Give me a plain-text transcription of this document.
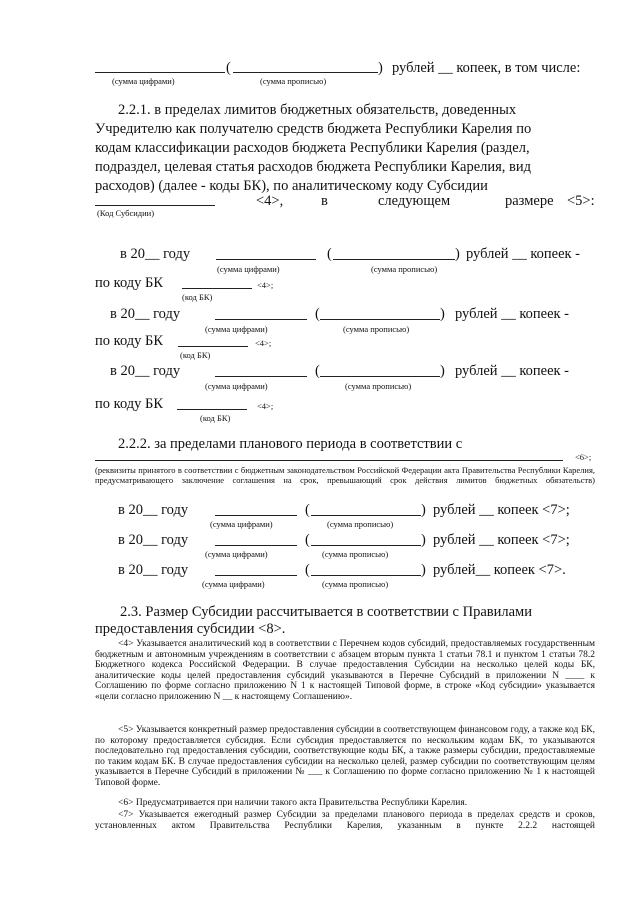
(	) рублей __ копеек, в том числе:
(сумма цифрами)	(сумма прописью)
2.2.1. в пределах лимитов бюджетных обязательств, доведенных
Учредителю как получателю средств бюджета Республики Карелия по
кодам классификации расходов бюджета Республики Карелия (раздел,
подраздел, целевая статья расходов бюджета Республики Карелия, вид
расходов) (далее - коды БК), по аналитическому коду Субсидии
<4>,	в	следующем	размере <5>:
(Код Субсидии)
в 20__ году	(	) рублей __ копеек -
(сумма цифрами)	(сумма прописью)
по коду БК	<4>;
(код БК)
в 20__ году	(	) рублей __ копеек -
(сумма цифрами)	(сумма прописью)
по коду БК	<4>;
(код БК)
в 20__ году	(	) рублей __ копеек -
(сумма цифрами)	(сумма прописью)
по коду БК	<4>;
(код БК)
2.2.2. за пределами планового периода в соответствии с
<6>;
(реквизиты принятого в соответствии с бюджетным законодательством Российской Федерации акта Правительства Республики Карелия, предусматривающего заключение соглашения на срок, превышающий срок действия лимитов бюджетных обязательств)
в 20__ году	(	) рублей __ копеек <7>;
(сумма цифрами)	(сумма прописью)
в 20__ году	(	) рублей __ копеек <7>;
(сумма цифрами)	(сумма прописью)
в 20__ году	(	) рублей__ копеек <7>.
(сумма цифрами)	(сумма прописью)
2.3. Размер Субсидии рассчитывается в соответствии с Правилами
предоставления субсидии <8>.
<4> Указывается аналитический код в соответствии с Перечнем кодов субсидий, предоставляемых государственным бюджетным и автономным учреждениям в соответствии с абзацем вторым пункта 1 статьи 78.1 и пунктом 1 статьи 78.2 Бюджетного кодекса Российской Федерации. В случае предоставления Субсидии на несколько целей коды БК, аналитические коды целей предоставления субсидий указываются в Перечне Субсидий в приложении N ____ к Соглашению по форме согласно приложению N 1 к настоящей Типовой форме, в строке «Код субсидии» указывается «цели согласно приложению N __ к настоящему Соглашению».
<5> Указывается конкретный размер предоставления субсидии в соответствующем финансовом году, а также код БК, по которому предоставляется субсидия. Если субсидия предоставляется по нескольким кодам БК, то указываются последовательно год предоставления субсидии, соответствующие коды БК, а также размеры субсидии, предоставляемые по таким кодам БК. В случае предоставления субсидии на несколько целей, размер субсидии по соответствующим целям указывается в Перечне Субсидий в приложении № ___ к Соглашению по форме согласно приложению № 1 к настоящей Типовой форме.
<6> Предусматривается при наличии такого акта Правительства Республики Карелия.
<7> Указывается ежегодный размер Субсидии за пределами планового периода в пределах средств и сроков, установленных актом Правительства Республики Карелия, указанным в пункте 2.2.2 настоящей
